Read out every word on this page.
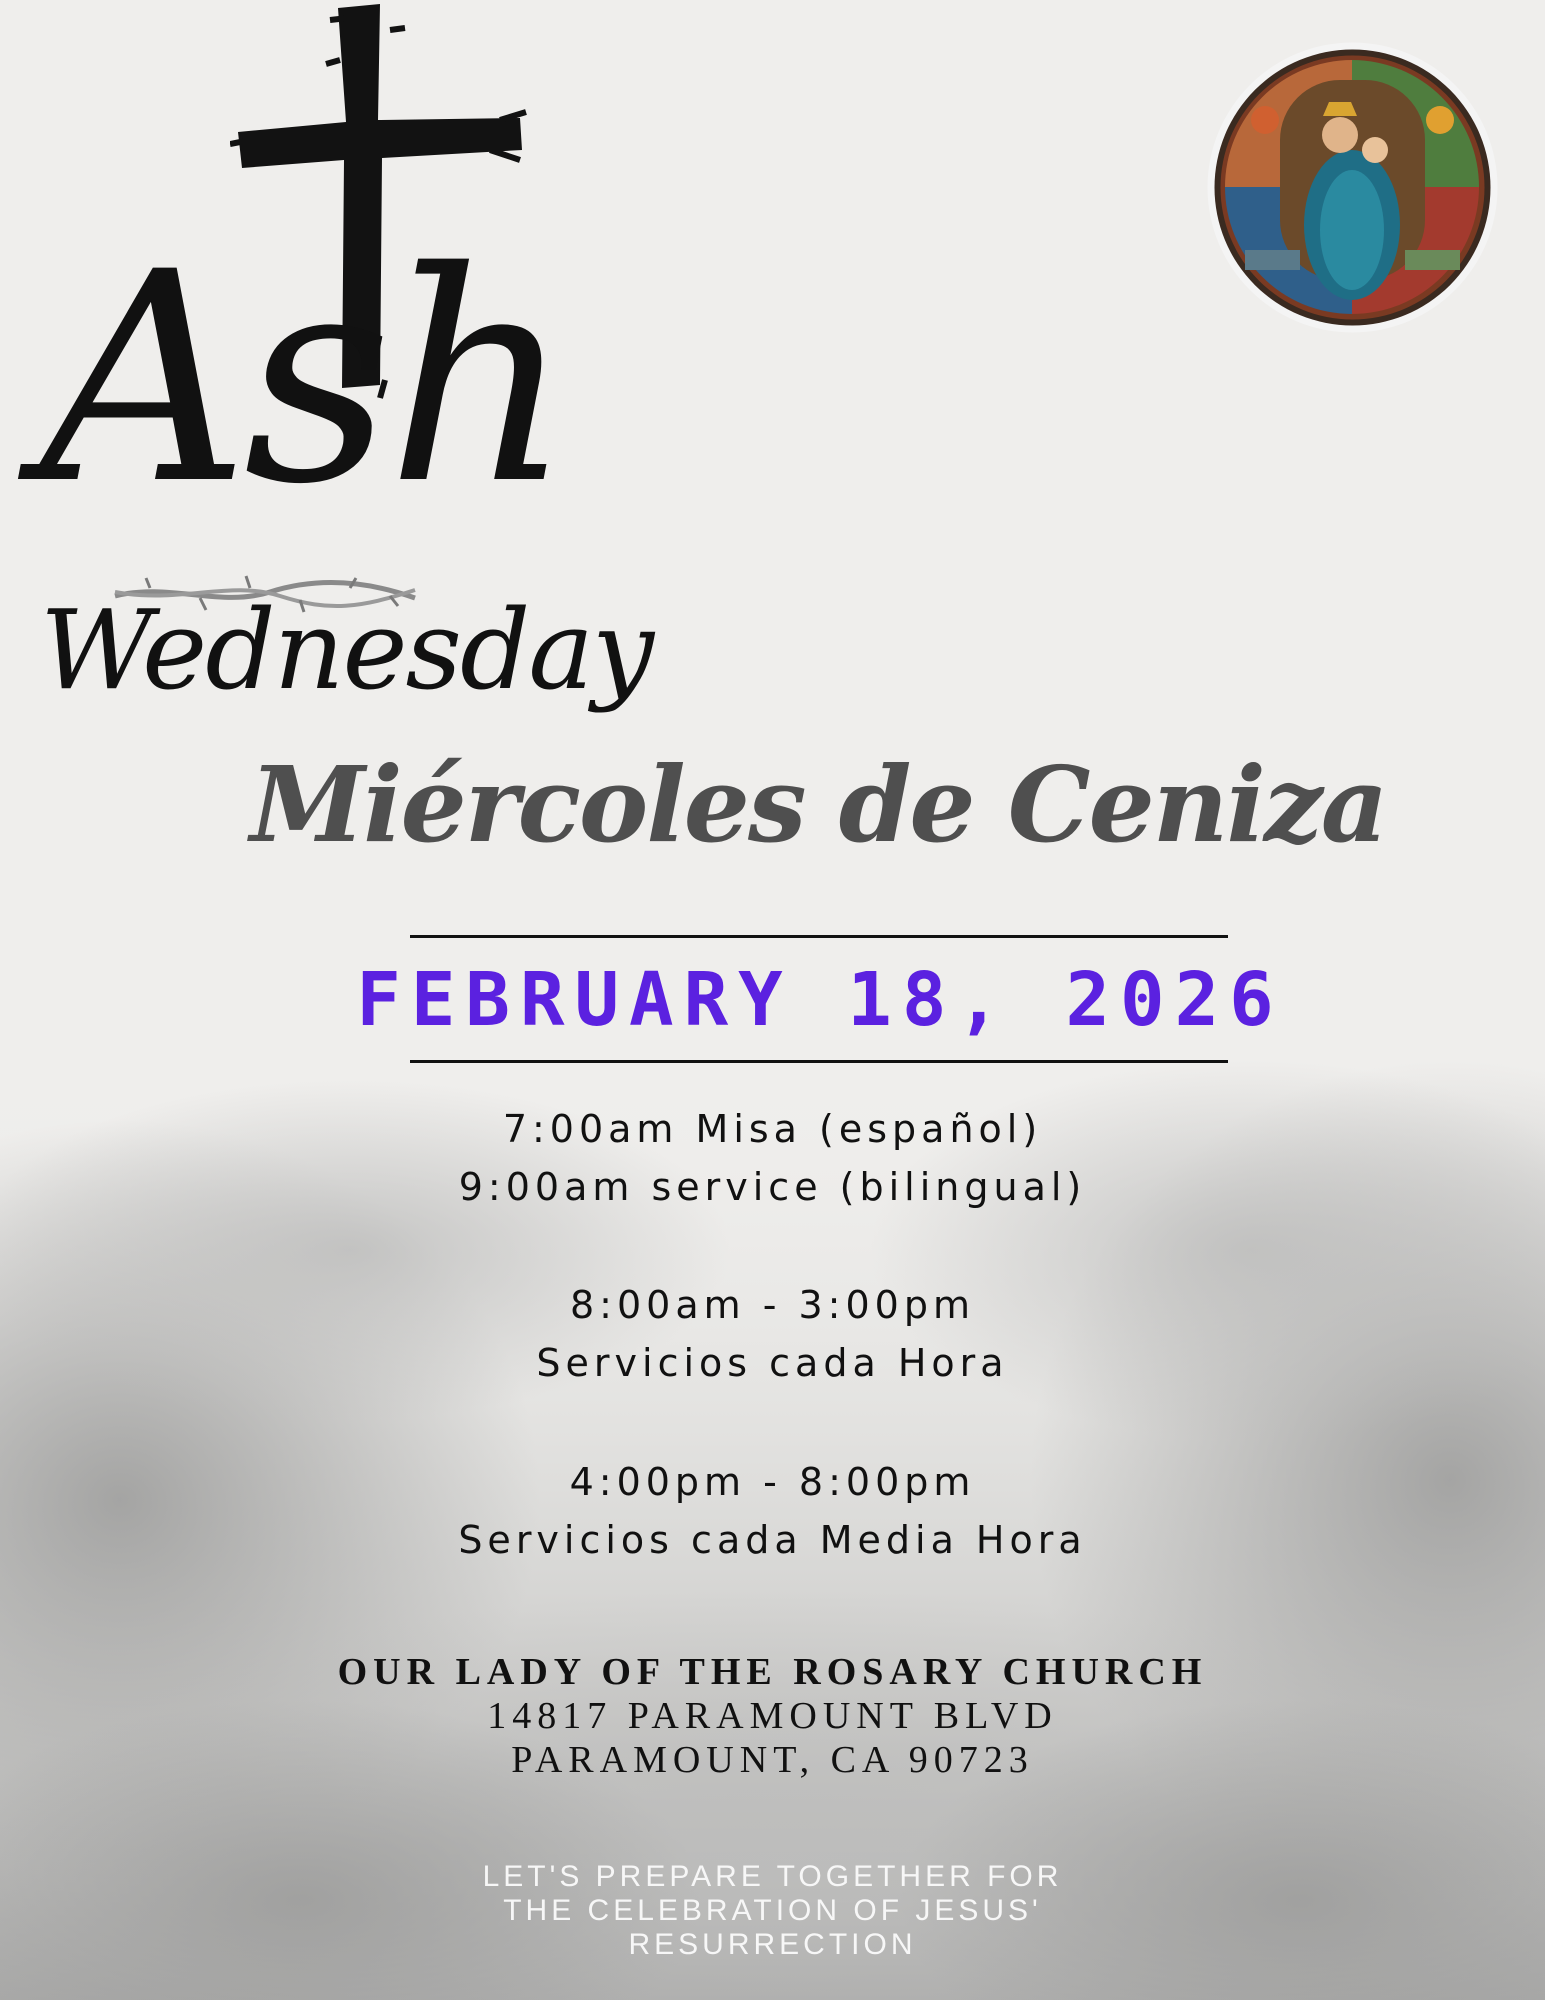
Ash
Wednesday
Miércoles de Ceniza
FEBRUARY 18, 2026
7:00am Misa (español)
9:00am service (bilingual)
8:00am - 3:00pm
Servicios cada Hora
4:00pm - 8:00pm
Servicios cada Media Hora
OUR LADY OF THE ROSARY CHURCH
14817 PARAMOUNT BLVD
PARAMOUNT, CA 90723
LET'S PREPARE TOGETHER FOR
THE CELEBRATION OF JESUS'
RESURRECTION
